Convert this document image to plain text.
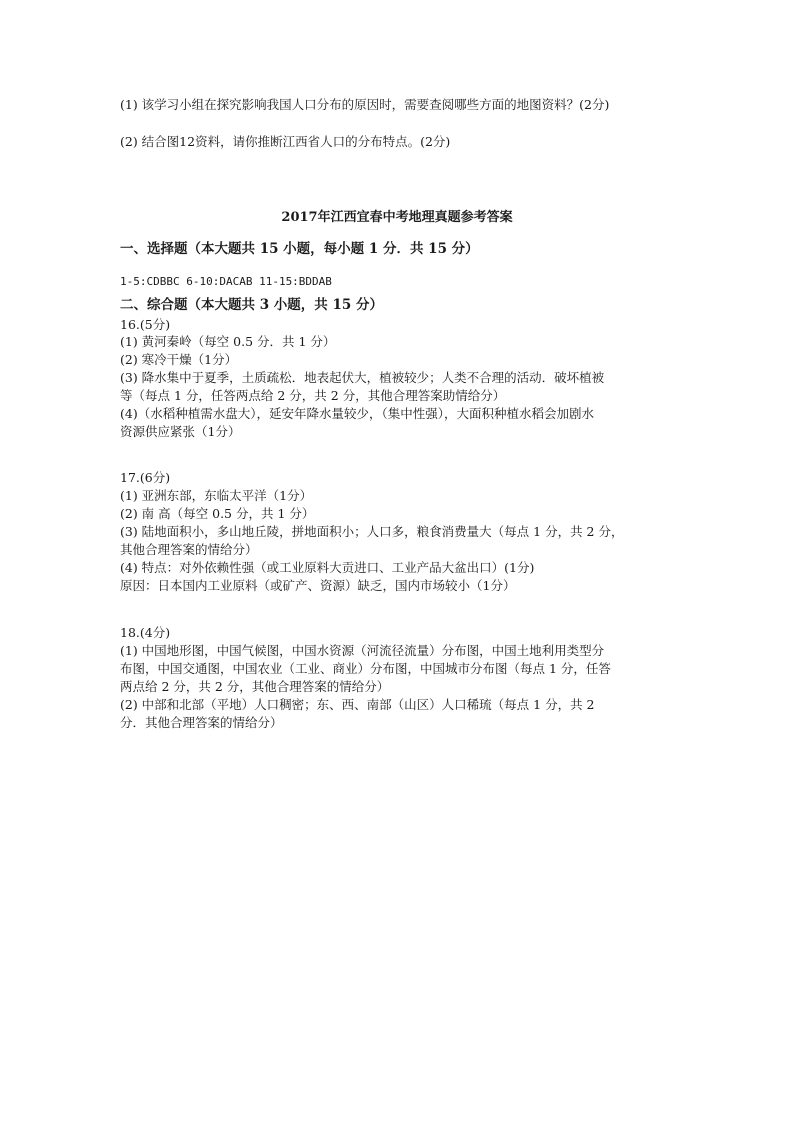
(1) 该学习小组在探究影响我国人口分布的原因时，需要查阅哪些方面的地图资料？(2分)
(2) 结合图12资料，请你推断江西省人口的分布特点。(2分)
2017年江西宜春中考地理真题参考答案
一、选择题（本大题共 15 小题，每小题 1 分．共 15 分）
1-5:CDBBC 6-10:DACAB 11-15:BDDAB
二、综合题（本大题共 3 小题，共 15 分）
16.(5分)
(1) 黄河秦岭（每空 0.5 分．共 1 分）
(2) 寒冷干燥（1分）
(3) 降水集中于夏季，土质疏松．地表起伏大，植被较少；人类不合理的活动．破坏植被
等（每点 1 分，任答两点给 2 分，共 2 分，其他合理答案助情给分）
(4)（水稻种植需水盘大），延安年降水量较少，（集中性强），大面积种植水稻会加剧水
资源供应紧张（1分）
17.(6分)
(1) 亚洲东部，东临太平洋（1分）
(2) 南 高（每空 0.5 分，共 1 分）
(3) 陆地面积小，多山地丘陵，拼地面积小；人口多，粮食消费量大（每点 1 分，共 2 分，
其他合理答案的情给分）
(4) 特点：对外依赖性强（或工业原料大贡进口、工业产品大盆出口）(1分)
原因：日本国内工业原料（或矿产、资源）缺乏，国内市场较小（1分）
18.(4分)
(1) 中国地形图，中国气候图，中国水资源（河流径流量）分布图，中国土地利用类型分
布图，中国交通图，中国农业（工业、商业）分布图，中国城市分布图（每点 1 分，任答
两点给 2 分，共 2 分，其他合理答案的情给分）
(2) 中部和北部（平地）人口稠密；东、西、南部（山区）人口稀琉（每点 1 分，共 2
分．其他合理答案的情给分）
